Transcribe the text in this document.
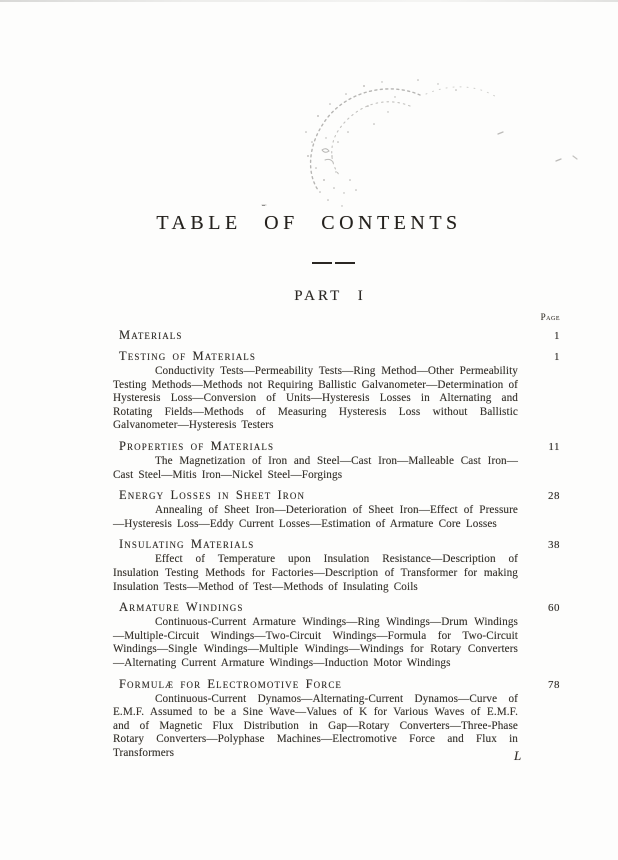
TABLE OF CONTENTS
PART I
Page
Materials	1
Testing of Materials	1

Conductivity Tests—Permeability Tests—Ring Method—Other Permeability Testing Methods—Methods not Requiring Ballistic Galvanometer—Determination of Hysteresis Loss—Conversion of Units—Hysteresis Losses in Alternating and Rotating Fields—Methods of Measuring Hysteresis Loss without Ballistic Galvanometer—Hysteresis Testers

Properties of Materials	11

The Magnetization of Iron and Steel—Cast Iron—Malleable Cast Iron—Cast Steel—Mitis Iron—Nickel Steel—Forgings

Energy Losses in Sheet Iron	28

Annealing of Sheet Iron—Deterioration of Sheet Iron—Effect of Pressure—Hysteresis Loss—Eddy Current Losses—Estimation of Armature Core Losses

Insulating Materials	38

Effect of Temperature upon Insulation Resistance—Description of Insulation Testing Methods for Factories—Description of Transformer for making Insulation Tests—Method of Test—Methods of Insulating Coils

Armature Windings	60

Continuous-Current Armature Windings—Ring Windings—Drum Windings—Multiple-Circuit Windings—Two-Circuit Windings—Formula for Two-Circuit Windings—Single Windings—Multiple Windings—Windings for Rotary Converters—Alternating Current Armature Windings—Induction Motor Windings

Formulæ for Electromotive Force	78

Continuous-Current Dynamos—Alternating-Current Dynamos—Curve of E.M.F. Assumed to be a Sine Wave—Values of K for Various Waves of E.M.F. and of Magnetic Flux Distribution in Gap—Rotary Converters—Three-Phase Rotary Converters—Polyphase Machines—Electromotive Force and Flux in Transformers	L
